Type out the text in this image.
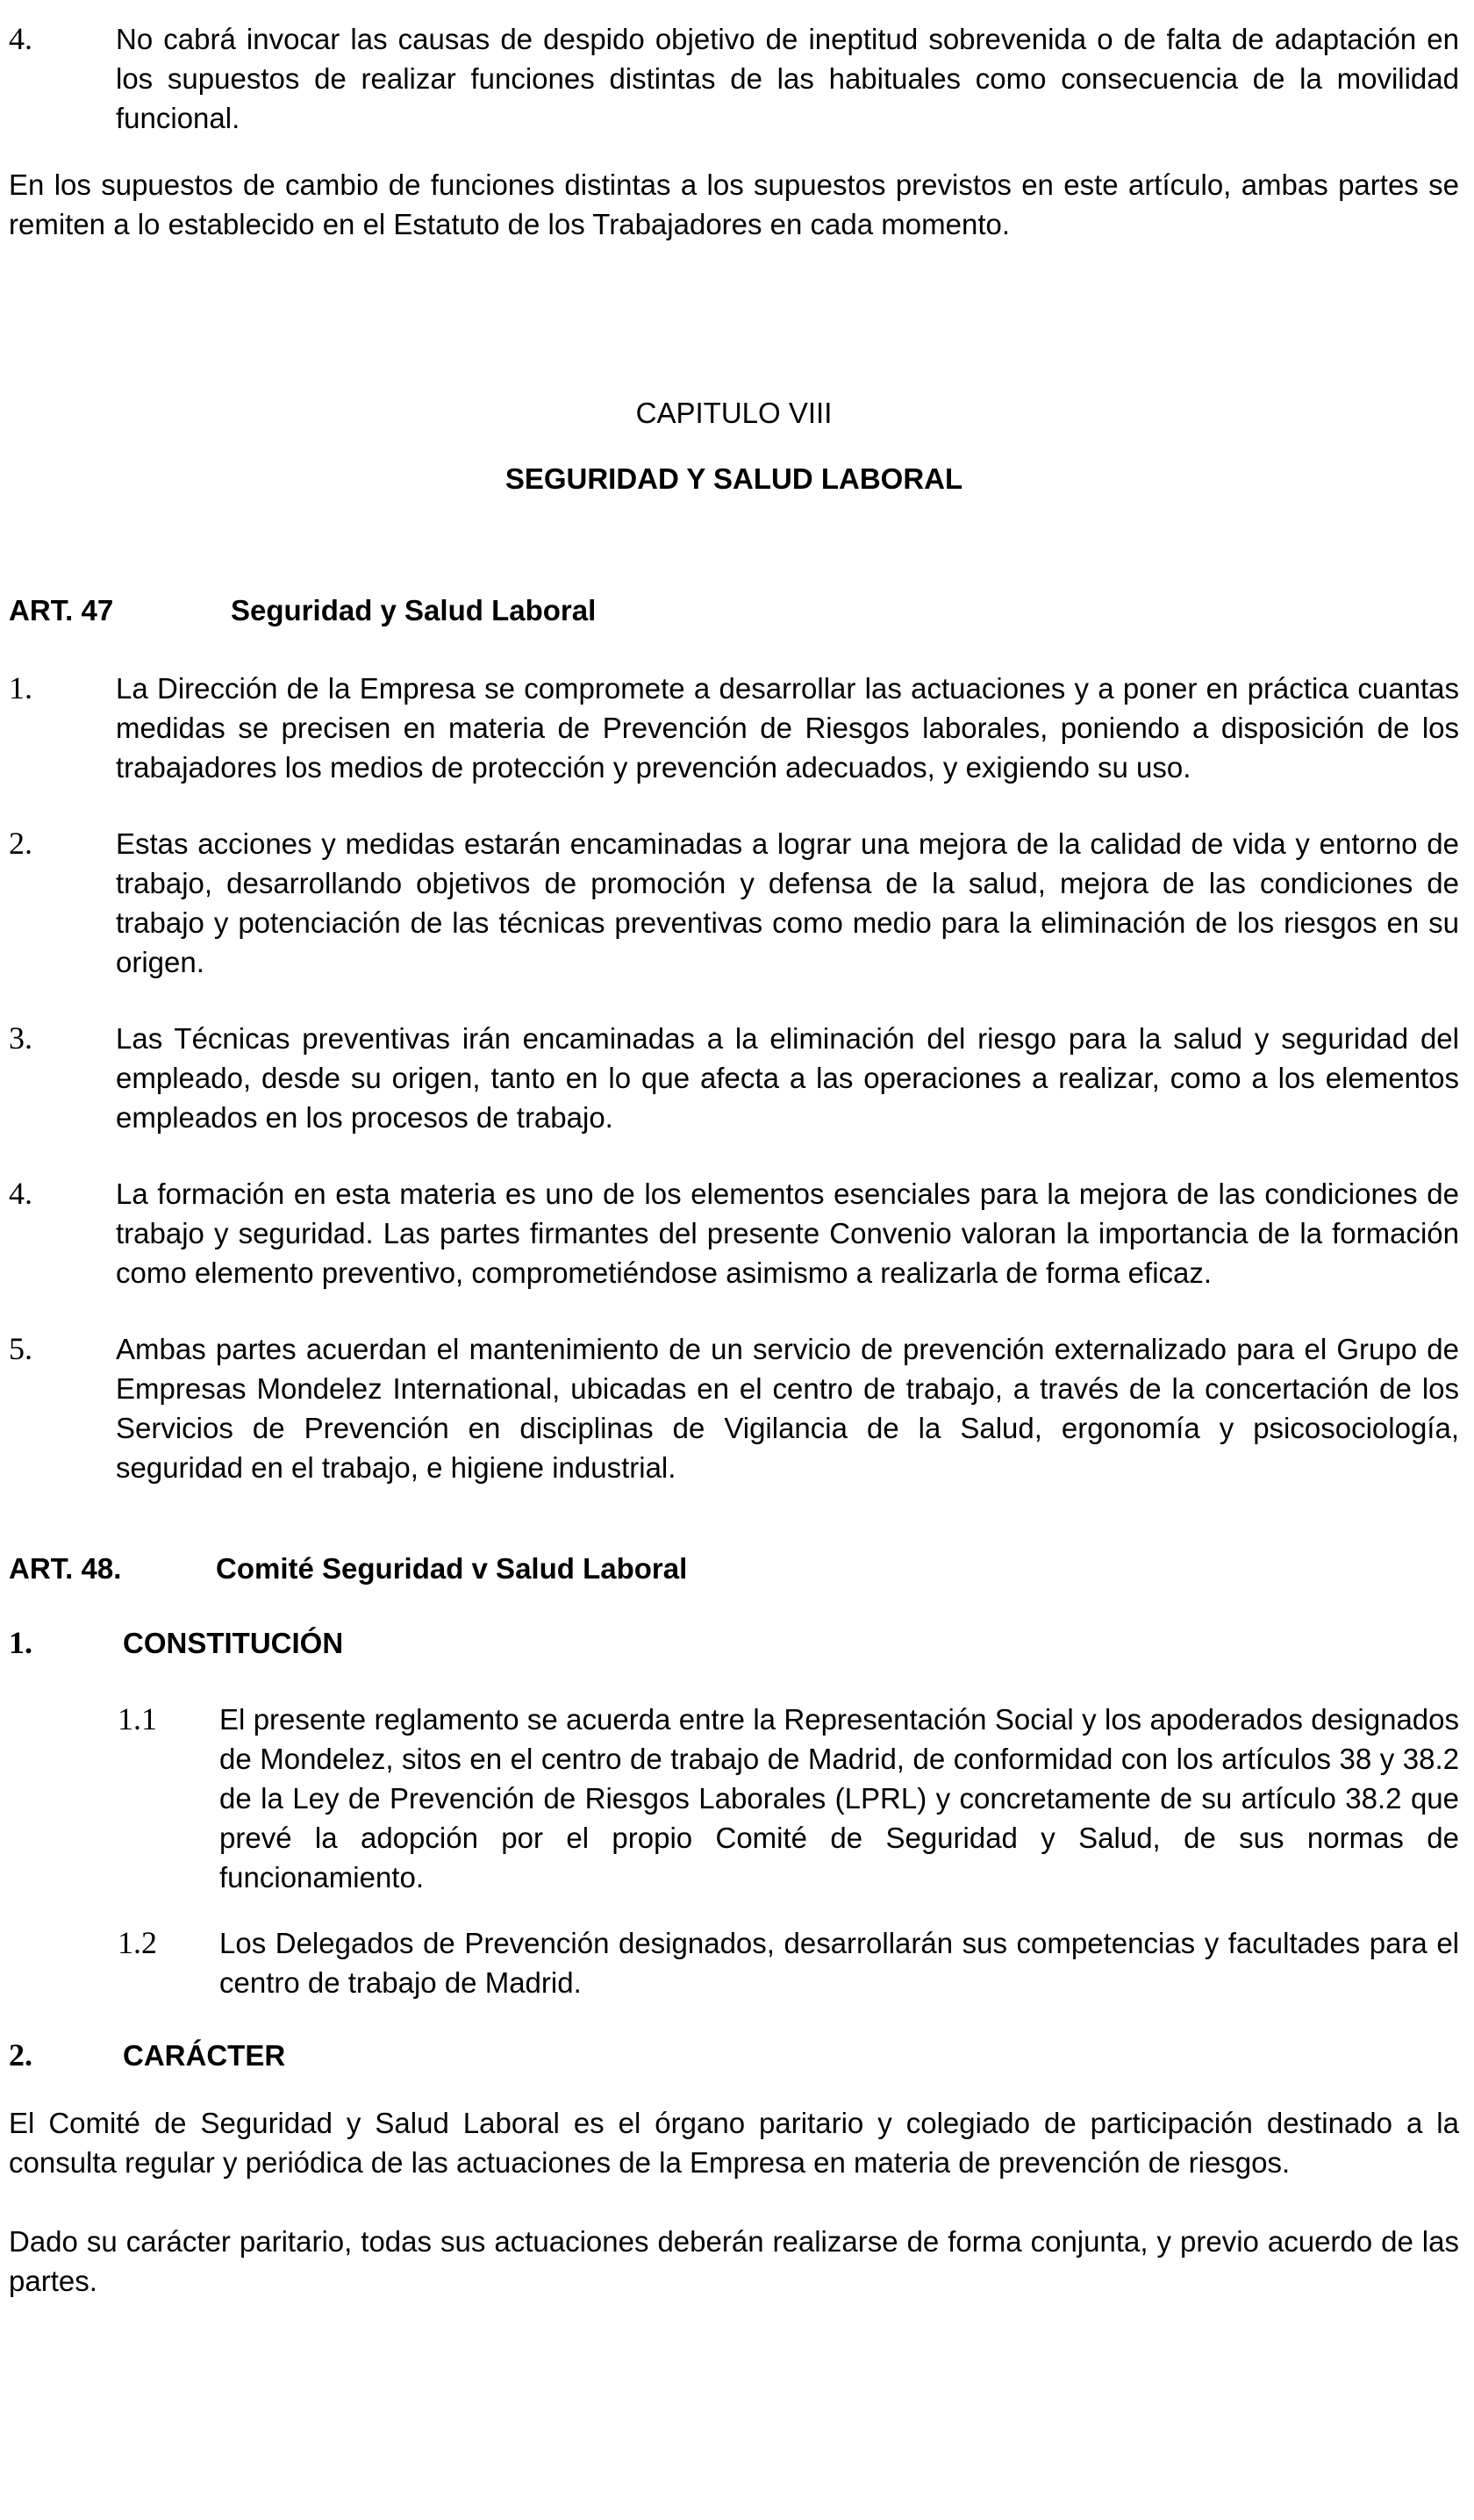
4.	No cabrá invocar las causas de despido objetivo de ineptitud sobrevenida o de falta de adaptación en los supuestos de realizar funciones distintas de las habituales como consecuencia de la movilidad funcional.
En los supuestos de cambio de funciones distintas a los supuestos previstos en este artículo, ambas partes se remiten a lo establecido en el Estatuto de los Trabajadores en cada momento.
CAPITULO VIII
SEGURIDAD Y SALUD LABORAL
ART. 47	Seguridad y Salud Laboral
1.	La Dirección de la Empresa se compromete a desarrollar las actuaciones y a poner en práctica cuantas medidas se precisen en materia de Prevención de Riesgos laborales, poniendo a disposición de los trabajadores los medios de protección y prevención adecuados, y exigiendo su uso.
2.	Estas acciones y medidas estarán encaminadas a lograr una mejora de la calidad de vida y entorno de trabajo, desarrollando objetivos de promoción y defensa de la salud, mejora de las condiciones de trabajo y potenciación de las técnicas preventivas como medio para la eliminación de los riesgos en su origen.
3.	Las Técnicas preventivas irán encaminadas a la eliminación del riesgo para la salud y seguridad del empleado, desde su origen, tanto en lo que afecta a las operaciones a realizar, como a los elementos empleados en los procesos de trabajo.
4.	La formación en esta materia es uno de los elementos esenciales para la mejora de las condiciones de trabajo y seguridad. Las partes firmantes del presente Convenio valoran la importancia de la formación como elemento preventivo, comprometiéndose asimismo a realizarla de forma eficaz.
5.	Ambas partes acuerdan el mantenimiento de un servicio de prevención externalizado para el Grupo de Empresas Mondelez International, ubicadas en el centro de trabajo, a través de la concertación de los Servicios de Prevención en disciplinas de Vigilancia de la Salud, ergonomía y psicosociología, seguridad en el trabajo, e higiene industrial.
ART. 48.	Comité Seguridad v Salud Laboral
1.	CONSTITUCIÓN
1.1 El presente reglamento se acuerda entre la Representación Social y los apoderados designados de Mondelez, sitos en el centro de trabajo de Madrid, de conformidad con los artículos 38 y 38.2 de la Ley de Prevención de Riesgos Laborales (LPRL) y concretamente de su artículo 38.2 que prevé la adopción por el propio Comité de Seguridad y Salud, de sus normas de funcionamiento.
1.2 Los Delegados de Prevención designados, desarrollarán sus competencias y facultades para el centro de trabajo de Madrid.
2.	CARÁCTER
El Comité de Seguridad y Salud Laboral es el órgano paritario y colegiado de participación destinado a la consulta regular y periódica de las actuaciones de la Empresa en materia de prevención de riesgos.
Dado su carácter paritario, todas sus actuaciones deberán realizarse de forma conjunta, y previo acuerdo de las partes.
